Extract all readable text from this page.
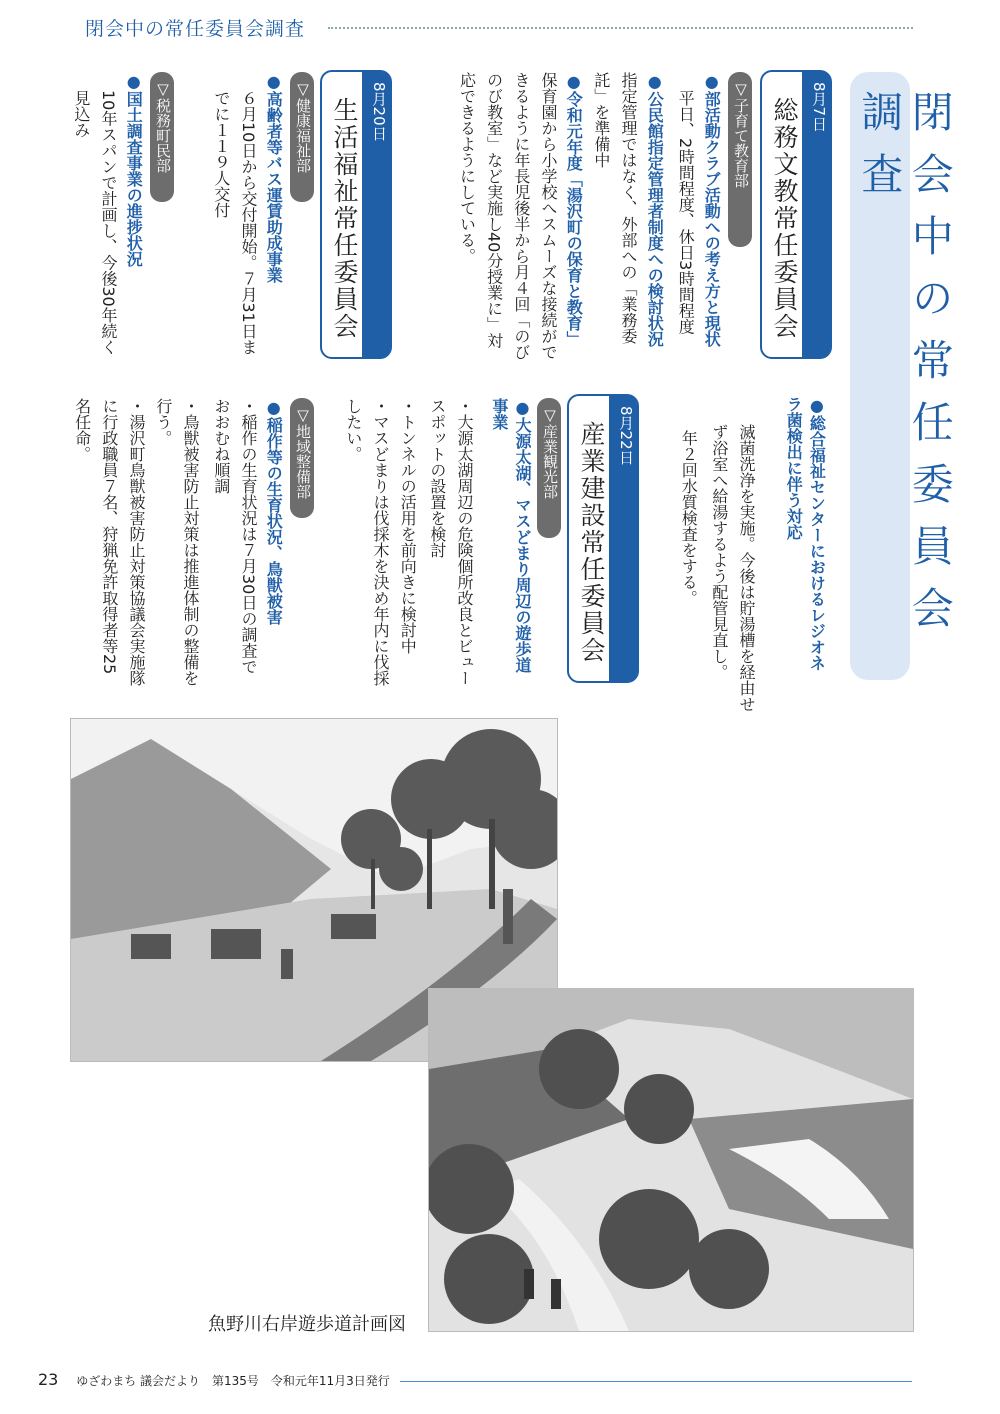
閉会中の常任委員会調査
閉会中の常任委員会調査
総務文教常任委員会 8月7日
●総合福祉センターにおけるレジオネラ菌検出に伴う対応
滅菌洗浄を実施。今後は貯湯槽を経由せず浴室へ給湯するよう配管見直し。
年２回水質検査をする。
▽子育て教育部
●部活動クラブ活動への考え方と現状
平日、2時間程度、休日3時間程度
●公民館指定管理者制度への検討状況
指定管理ではなく、外部への「業務委託」を準備中
●令和元年度「湯沢町の保育と教育」
保育園から小学校へスムーズな接続ができるように年長児後半から月４回「のびのび教室」など実施し40分授業に」対応できるようにしている。
産業建設常任委員会 8月22日
▽産業観光部
●大源太湖、マスどまり周辺の遊歩道事業
・大源太湖周辺の危険個所改良とビュースポットの設置を検討
・トンネルの活用を前向きに検討中
・マスどまりは伐採木を決め年内に伐採したい。
生活福祉常任委員会 8月20日
▽健康福祉部
●高齢者等バス運賃助成事業
６月10日から交付開始。７月31日までに１１９人交付
▽税務町民部
●国土調査事業の進捗状況
10年スパンで計画し、今後30年続く見込み
▽地域整備部
●稲作等の生育状況、鳥獣被害
・稲作の生育状況は７月30日の調査でおおむね順調
・鳥獣被害防止対策は推進体制の整備を行う。
・湯沢町鳥獣被害防止対策協議会実施隊に行政職員７名、狩猟免許取得者等25名任命。
魚野川右岸遊歩道計画図
23 ゆざわまち 議会だより　第135号　令和元年11月3日発行
